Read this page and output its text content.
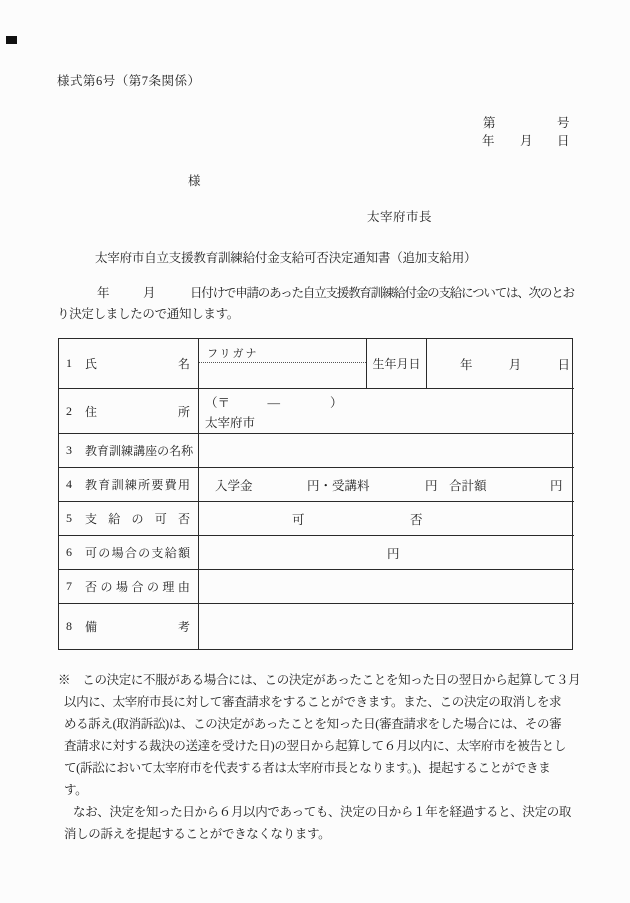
様式第6号（第7条関係）
第	号
年 月 日
様
太宰府市長
太宰府市自立支援教育訓練給付金支給可否決定通知書（追加支給用）
年	月	日付けで申請のあった自立支援教育訓練給付金の支給については、次のとお
り決定しましたので通知します。
1	氏	名
フリガナ
生年月日	年	月	日
2	住	所
（〒　　　―　　　　）
太宰府市
3	教 育 訓 練 講 座 の 名 称
4	教 育 訓 練 所 要 費 用 入学金	円・受講料	円 合計額	円
5	支 給 の 可 否	可	否
6	可 の 場 合 の 支 給 額	円
7	否 の 場 合 の 理 由
8	備	考
※　この決定に不服がある場合には、この決定があったことを知った日の翌日から起算して３月
以内に、太宰府市長に対して審査請求をすることができます。また、この決定の取消しを求
める訴え(取消訴訟)は、この決定があったことを知った日(審査請求をした場合には、その審
査請求に対する裁決の送達を受けた日)の翌日から起算して６月以内に、太宰府市を被告とし
て(訴訟において太宰府市を代表する者は太宰府市長となります。)、提起することができま
す。
なお、決定を知った日から６月以内であっても、決定の日から１年を経過すると、決定の取
消しの訴えを提起することができなくなります。
